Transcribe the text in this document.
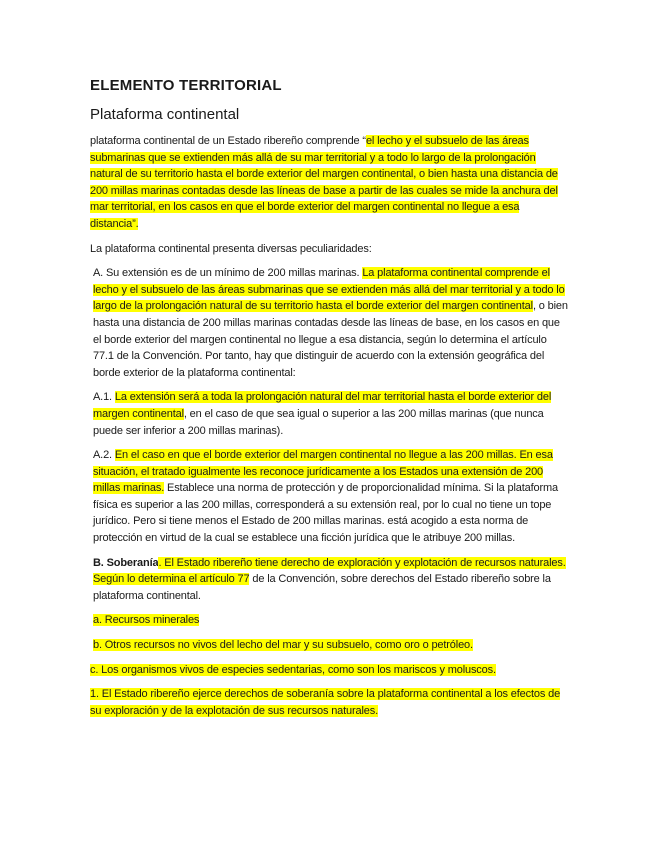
ELEMENTO TERRITORIAL
Plataforma continental

plataforma continental de un Estado ribereño comprende “el lecho y el subsuelo de las áreas submarinas que se extienden más allá de su mar territorial y a todo lo largo de la prolongación natural de su territorio hasta el borde exterior del margen continental, o bien hasta una distancia de 200 millas marinas contadas desde las líneas de base a partir de las cuales se mide la anchura del mar territorial, en los casos en que el borde exterior del margen continental no llegue a esa distancia”.

La plataforma continental presenta diversas peculiaridades:

A. Su extensión es de un mínimo de 200 millas marinas. La plataforma continental comprende el lecho y el subsuelo de las áreas submarinas que se extienden más allá del mar territorial y a todo lo largo de la prolongación natural de su territorio hasta el borde exterior del margen continental, o bien hasta una distancia de 200 millas marinas contadas desde las líneas de base, en los casos en que el borde exterior del margen continental no llegue a esa distancia, según lo determina el artículo 77.1 de la Convención. Por tanto, hay que distinguir de acuerdo con la extensión geográfica del borde exterior de la plataforma continental:

A.1. La extensión será a toda la prolongación natural del mar territorial hasta el borde exterior del margen continental, en el caso de que sea igual o superior a las 200 millas marinas (que nunca puede ser inferior a 200 millas marinas).

A.2. En el caso en que el borde exterior del margen continental no llegue a las 200 millas. En esa situación, el tratado igualmente les reconoce jurídicamente a los Estados una extensión de 200 millas marinas. Establece una norma de protección y de proporcionalidad mínima. Si la plataforma física es superior a las 200 millas, corresponderá a su extensión real, por lo cual no tiene un tope jurídico. Pero si tiene menos el Estado de 200 millas marinas. está acogido a esta norma de protección en virtud de la cual se establece una ficción jurídica que le atribuye 200 millas.

B. Soberanía. El Estado ribereño tiene derecho de exploración y explotación de recursos naturales. Según lo determina el artículo 77 de la Convención, sobre derechos del Estado ribereño sobre la plataforma continental.

a. Recursos minerales

b. Otros recursos no vivos del lecho del mar y su subsuelo, como oro o petróleo.

c. Los organismos vivos de especies sedentarias, como son los mariscos y moluscos.

1. El Estado ribereño ejerce derechos de soberanía sobre la plataforma continental a los efectos de su exploración y de la explotación de sus recursos naturales.
